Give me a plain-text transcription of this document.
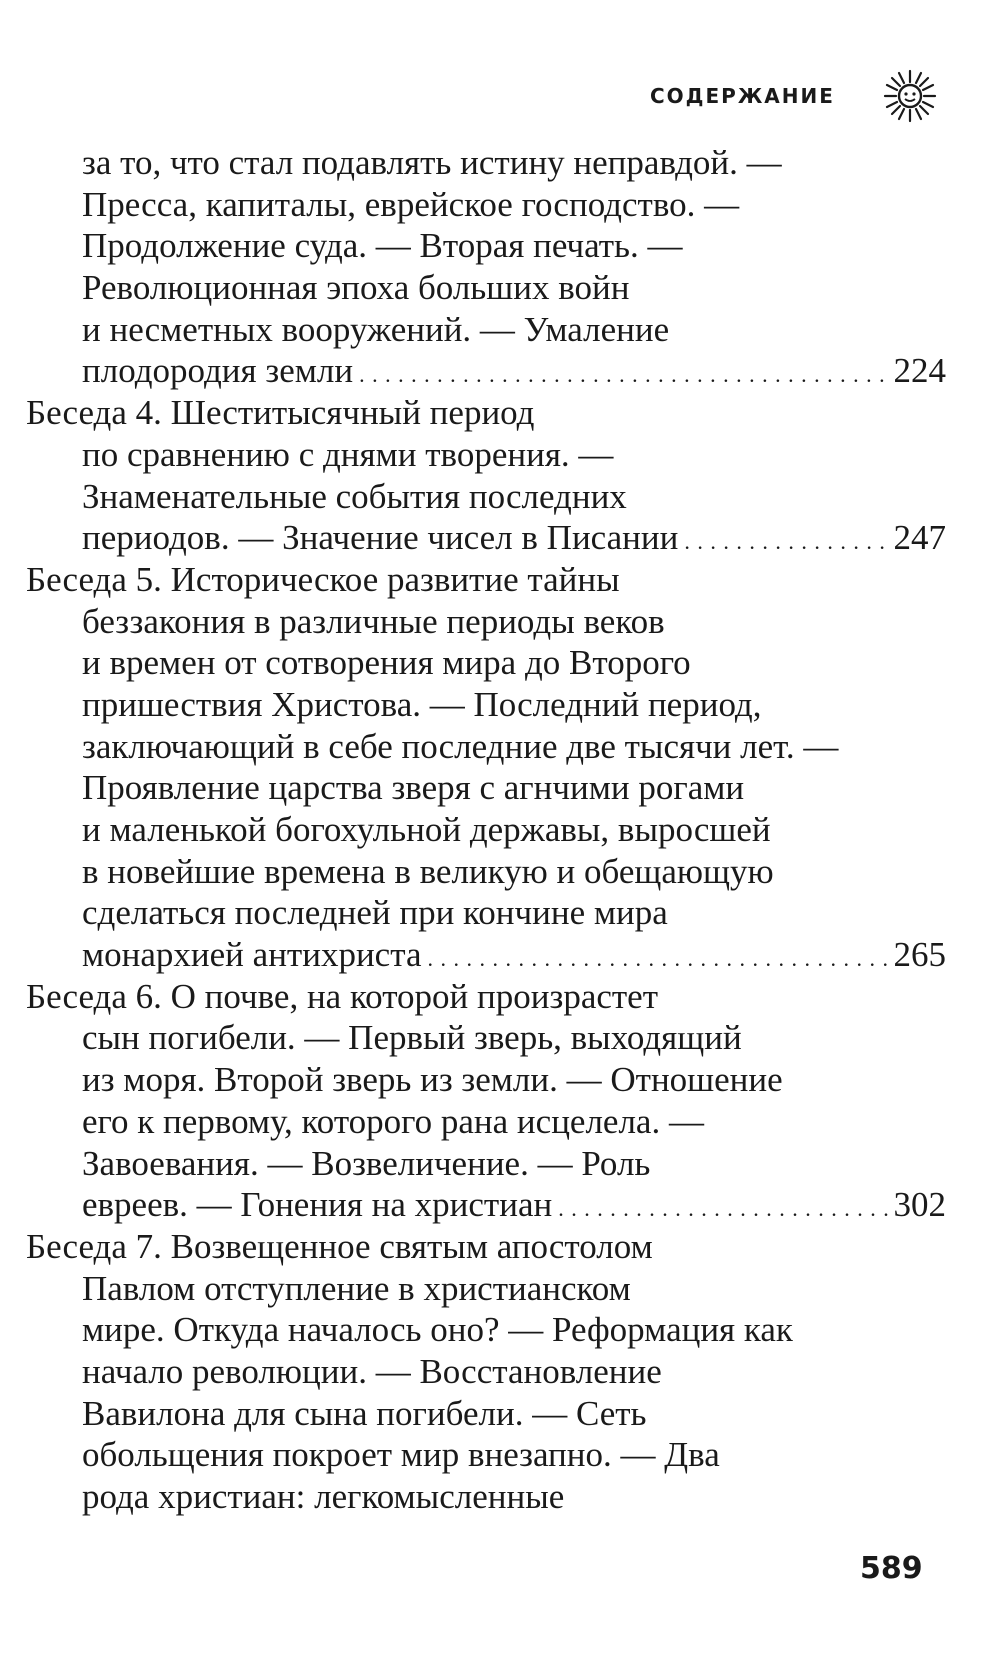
СОДЕРЖАНИЕ
за то, что стал подавлять истину неправдой. —
Пресса, капиталы, еврейское господство. —
Продолжение суда. — Вторая печать. —
Революционная эпоха больших войн
и несметных вооружений. — Умаление
плодородия земли . . .	224
Беседа 4. Шеститысячный период
по сравнению с днями творения. —
Знаменательные события последних
периодов. — Значение чисел в Писании . . .	247
Беседа 5. Историческое развитие тайны
беззакония в различные периоды веков
и времен от сотворения мира до Второго
пришествия Христова. — Последний период,
заключающий в себе последние две тысячи лет. —
Проявление царства зверя с агнчими рогами
и маленькой богохульной державы, выросшей
в новейшие времена в великую и обещающую
сделаться последней при кончине мира
монархией антихриста . . .	265
Беседа 6. О почве, на которой произрастет
сын погибели. — Первый зверь, выходящий
из моря. Второй зверь из земли. — Отношение
его к первому, которого рана исцелела. —
Завоевания. — Возвеличение. — Роль
евреев. — Гонения на христиан . . .	302
Беседа 7. Возвещенное святым апостолом
Павлом отступление в христианском
мире. Откуда началось оно? — Реформация как
начало революции. — Восстановление
Вавилона для сына погибели. — Сеть
обольщения покроет мир внезапно. — Два
рода христиан: легкомысленные
589
